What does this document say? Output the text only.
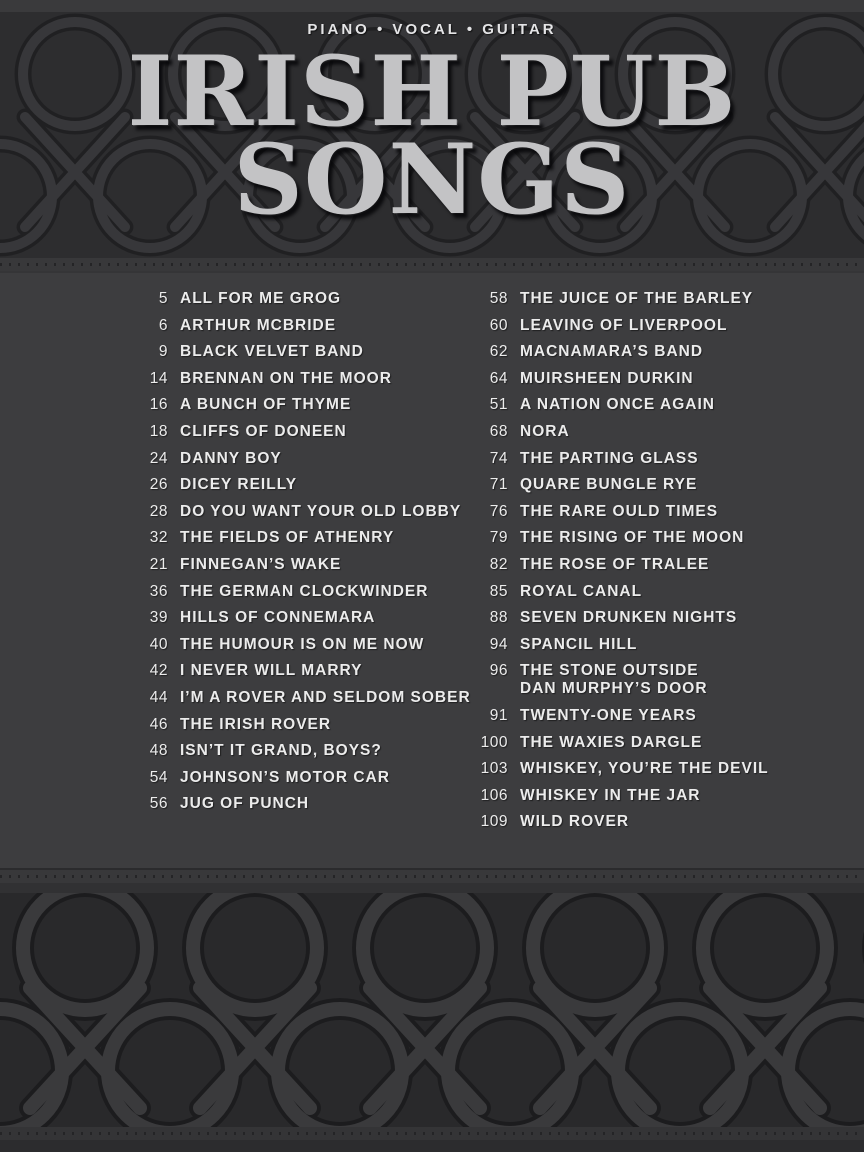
PIANO • VOCAL • GUITAR
IRISH PUB
SONGS
5 ALL FOR ME GROG
6 ARTHUR MCBRIDE
9 BLACK VELVET BAND
14 BRENNAN ON THE MOOR
16 A BUNCH OF THYME
18 CLIFFS OF DONEEN
24 DANNY BOY
26 DICEY REILLY
28 DO YOU WANT YOUR OLD LOBBY
32 THE FIELDS OF ATHENRY
21 FINNEGAN’S WAKE
36 THE GERMAN CLOCKWINDER
39 HILLS OF CONNEMARA
40 THE HUMOUR IS ON ME NOW
42 I NEVER WILL MARRY
44 I’M A ROVER AND SELDOM SOBER
46 THE IRISH ROVER
48 ISN’T IT GRAND, BOYS?
54 JOHNSON’S MOTOR CAR
56 JUG OF PUNCH
58 THE JUICE OF THE BARLEY
60 LEAVING OF LIVERPOOL
62 MACNAMARA’S BAND
64 MUIRSHEEN DURKIN
51 A NATION ONCE AGAIN
68 NORA
74 THE PARTING GLASS
71 QUARE BUNGLE RYE
76 THE RARE OULD TIMES
79 THE RISING OF THE MOON
82 THE ROSE OF TRALEE
85 ROYAL CANAL
88 SEVEN DRUNKEN NIGHTS
94 SPANCIL HILL
96 THE STONE OUTSIDE
DAN MURPHY’S DOOR
91 TWENTY-ONE YEARS
100 THE WAXIES DARGLE
103 WHISKEY, YOU’RE THE DEVIL
106 WHISKEY IN THE JAR
109 WILD ROVER
